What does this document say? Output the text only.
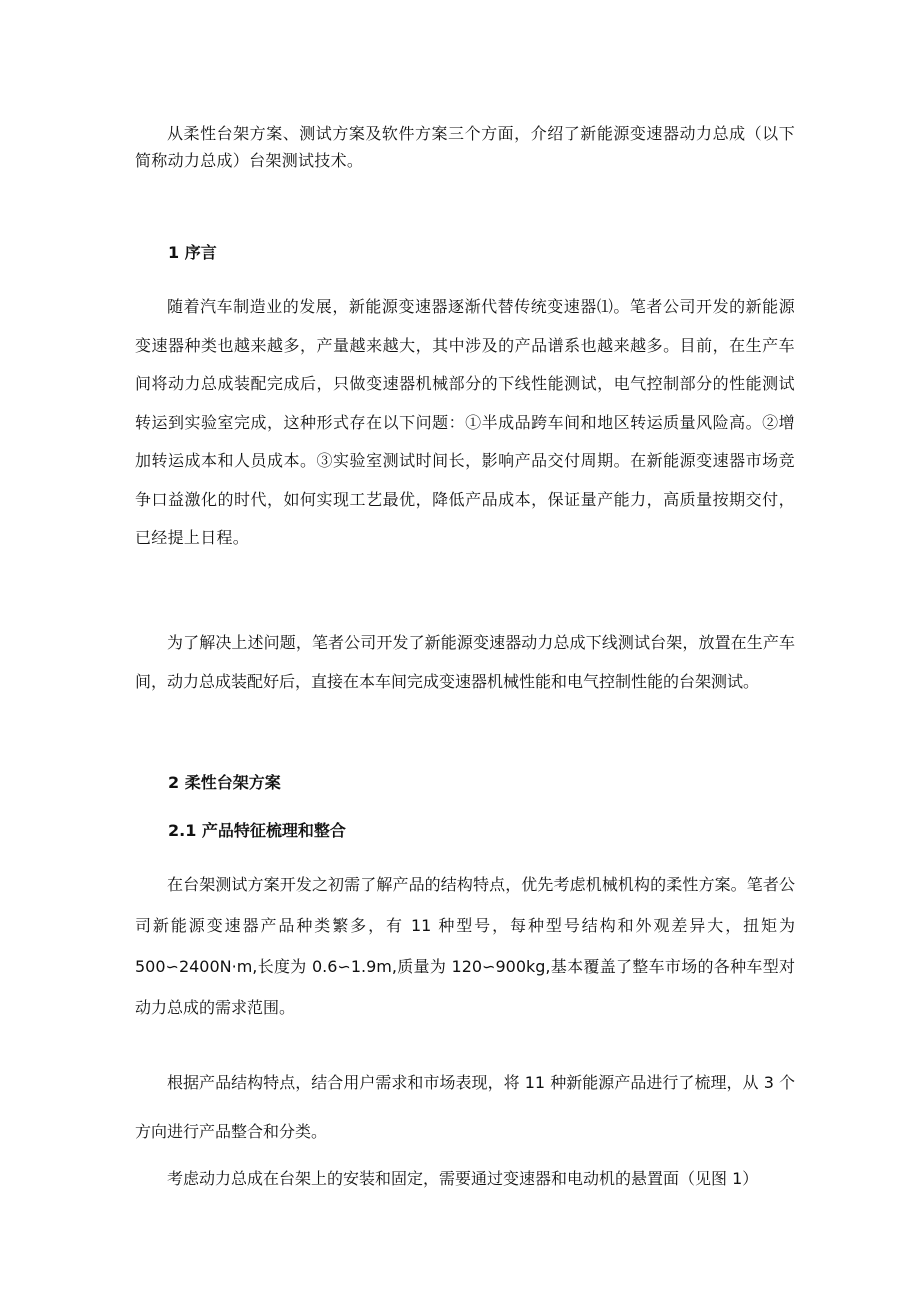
从柔性台架方案、测试方案及软件方案三个方面，介绍了新能源变速器动力总成（以下简称动力总成）台架测试技术。

1 序言

随着汽车制造业的发展，新能源变速器逐渐代替传统变速器⑴。笔者公司开发的新能源变速器种类也越来越多，产量越来越大，其中涉及的产品谱系也越来越多。目前，在生产车间将动力总成装配完成后，只做变速器机械部分的下线性能测试，电气控制部分的性能测试转运到实验室完成，这种形式存在以下问题：①半成品跨车间和地区转运质量风险高。②增加转运成本和人员成本。③实验室测试时间长，影响产品交付周期。在新能源变速器市场竞争口益激化的时代，如何实现工艺最优，降低产品成本，保证量产能力，高质量按期交付，已经提上日程。

为了解决上述问题，笔者公司开发了新能源变速器动力总成下线测试台架，放置在生产车间，动力总成装配好后，直接在本车间完成变速器机械性能和电气控制性能的台架测试。

2 柔性台架方案
2.1 产品特征梳理和整合

在台架测试方案开发之初需了解产品的结构特点，优先考虑机械机构的柔性方案。笔者公司新能源变速器产品种类繁多，有 11 种型号，每种型号结构和外观差异大，扭矩为 500∽2400N·m,长度为 0.6∽1.9m,质量为 120∽900kg,基本覆盖了整车市场的各种车型对动力总成的需求范围。

根据产品结构特点，结合用户需求和市场表现，将 11 种新能源产品进行了梳理，从 3 个方向进行产品整合和分类。

考虑动力总成在台架上的安装和固定，需要通过变速器和电动机的悬置面（见图 1）
